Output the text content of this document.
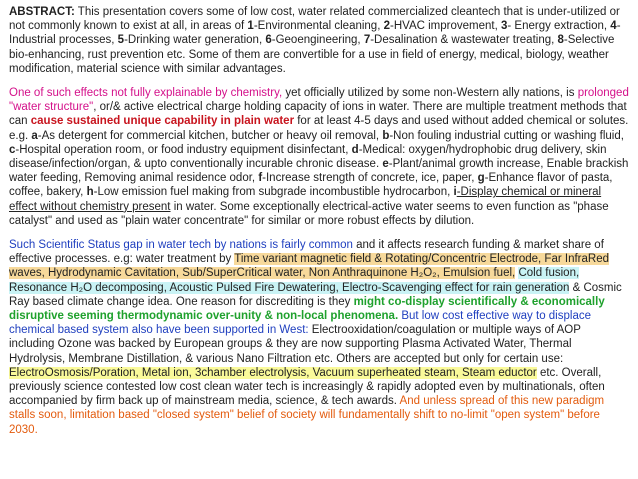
ABSTRACT: This presentation covers some of low cost, water related commercialized cleantech that is under-utilized or not commonly known to exist at all, in areas of 1-Environmental cleaning, 2-HVAC improvement, 3- Energy extraction, 4-Industrial processes, 5-Drinking water generation, 6-Geoengineering, 7-Desalination & wastewater treating, 8-Selective bio-enhancing, rust prevention etc. Some of them are convertible for a use in field of energy, medical, biology, weather modification, material science with similar advantages.

One of such effects not fully explainable by chemistry, yet officially utilized by some non-Western ally nations, is prolonged "water structure", or/& active electrical charge holding capacity of ions in water. There are multiple treatment methods that can cause sustained unique capability in plain water for at least 4-5 days and used without added chemical or solutes. e.g. a-As detergent for commercial kitchen, butcher or heavy oil removal, b-Non fouling industrial cutting or washing fluid, c-Hospital operation room, or food industry equipment disinfectant, d-Medical: oxygen/hydrophobic drug delivery, skin disease/infection/organ, & upto conventionally incurable chronic disease. e-Plant/animal growth increase, Enable brackish water feeding, Removing animal residence odor, f-Increase strength of concrete, ice, paper, g-Enhance flavor of pasta, coffee, bakery, h-Low emission fuel making from subgrade incombustible hydrocarbon, i-Display chemical or mineral effect without chemistry present in water. Some exceptionally electrical-active water seems to even function as "phase catalyst" and used as "plain water concentrate" for similar or more robust effects by dilution.

Such Scientific Status gap in water tech by nations is fairly common and it affects research funding & market share of effective processes. e.g: water treatment by Time variant magnetic field & Rotating/Concentric Electrode, Far InfraRed waves, Hydrodynamic Cavitation, Sub/SuperCritical water, Non Anthraquinone H₂O₂, Emulsion fuel, Cold fusion, Resonance H₂O decomposing, Acoustic Pulsed Fire Dewatering, Electro-Scavenging effect for rain generation & Cosmic Ray based climate change idea. One reason for discrediting is they might co-display scientifically & economically disruptive seeming thermodynamic over-unity & non-local phenomena. But low cost effective way to displace chemical based system also have been supported in West: Electrooxidation/coagulation or multiple ways of AOP including Ozone was backed by European groups & they are now supporting Plasma Activated Water, Thermal Hydrolysis, Membrane Distillation, & various Nano Filtration etc. Others are accepted but only for certain use: ElectroOsmosis/Poration, Metal ion, 3chamber electrolysis, Vacuum superheated steam, Steam eductor etc. Overall, previously science contested low cost clean water tech is increasingly & rapidly adopted even by multinationals, often accompanied by firm back up of mainstream media, science, & tech awards. And unless spread of this new paradigm stalls soon, limitation based "closed system" belief of society will fundamentally shift to no-limit "open system" before 2030.
